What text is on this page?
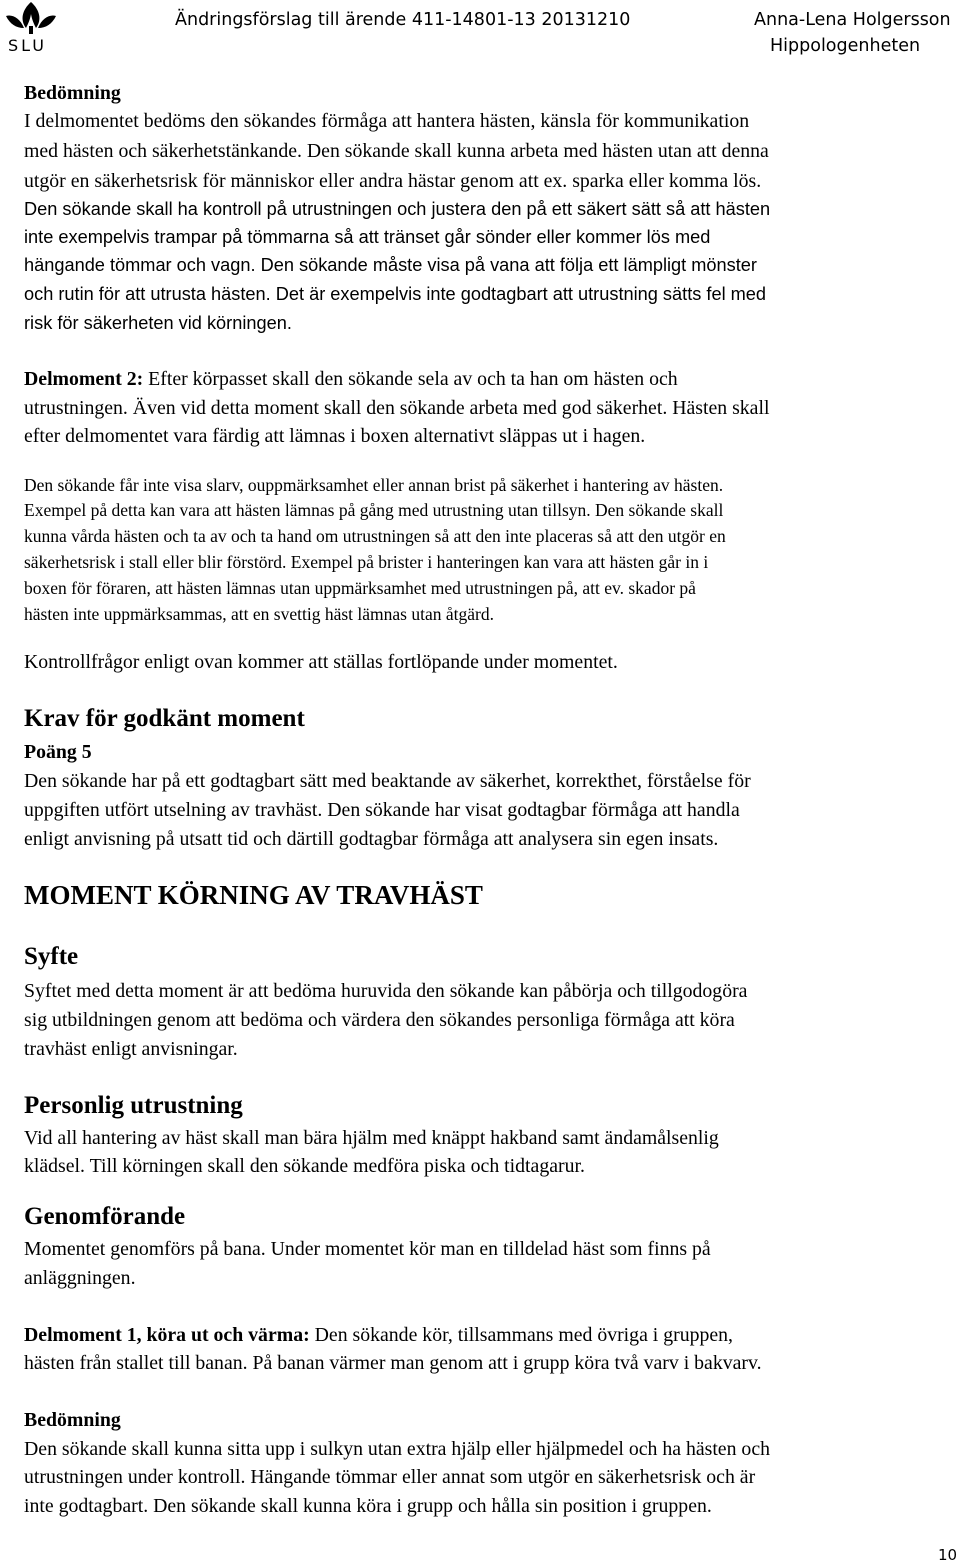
SLU
Ändringsförslag till ärende 411-14801-13 20131210	Anna-Lena Holgersson
Hippologenheten
Bedömning
I delmomentet bedöms den sökandes förmåga att hantera hästen, känsla för kommunikation
med hästen och säkerhetstänkande. Den sökande skall kunna arbeta med hästen utan att denna
utgör en säkerhetsrisk för människor eller andra hästar genom att ex. sparka eller komma lös.
Den sökande skall ha kontroll på utrustningen och justera den på ett säkert sätt så att hästen
inte exempelvis trampar på tömmarna så att tränset går sönder eller kommer lös med
hängande tömmar och vagn. Den sökande måste visa på vana att följa ett lämpligt mönster
och rutin för att utrusta hästen. Det är exempelvis inte godtagbart att utrustning sätts fel med
risk för säkerheten vid körningen.
Delmoment 2: Efter körpasset skall den sökande sela av och ta han om hästen och
utrustningen. Även vid detta moment skall den sökande arbeta med god säkerhet. Hästen skall
efter delmomentet vara färdig att lämnas i boxen alternativt släppas ut i hagen.
Den sökande får inte visa slarv, ouppmärksamhet eller annan brist på säkerhet i hantering av hästen.
Exempel på detta kan vara att hästen lämnas på gång med utrustning utan tillsyn. Den sökande skall
kunna vårda hästen och ta av och ta hand om utrustningen så att den inte placeras så att den utgör en
säkerhetsrisk i stall eller blir förstörd. Exempel på brister i hanteringen kan vara att hästen går in i
boxen för föraren, att hästen lämnas utan uppmärksamhet med utrustningen på, att ev. skador på
hästen inte uppmärksammas, att en svettig häst lämnas utan åtgärd.
Kontrollfrågor enligt ovan kommer att ställas fortlöpande under momentet.
Krav för godkänt moment
Poäng 5
Den sökande har på ett godtagbart sätt med beaktande av säkerhet, korrekthet, förståelse för
uppgiften utfört utselning av travhäst. Den sökande har visat godtagbar förmåga att handla
enligt anvisning på utsatt tid och därtill godtagbar förmåga att analysera sin egen insats.
MOMENT KÖRNING AV TRAVHÄST
Syfte
Syftet med detta moment är att bedöma huruvida den sökande kan påbörja och tillgodogöra
sig utbildningen genom att bedöma och värdera den sökandes personliga förmåga att köra
travhäst enligt anvisningar.
Personlig utrustning
Vid all hantering av häst skall man bära hjälm med knäppt hakband samt ändamålsenlig
klädsel. Till körningen skall den sökande medföra piska och tidtagarur.
Genomförande
Momentet genomförs på bana. Under momentet kör man en tilldelad häst som finns på
anläggningen.
Delmoment 1, köra ut och värma: Den sökande kör, tillsammans med övriga i gruppen,
hästen från stallet till banan. På banan värmer man genom att i grupp köra två varv i bakvarv.
Bedömning
Den sökande skall kunna sitta upp i sulkyn utan extra hjälp eller hjälpmedel och ha hästen och
utrustningen under kontroll. Hängande tömmar eller annat som utgör en säkerhetsrisk och är
inte godtagbart. Den sökande skall kunna köra i grupp och hålla sin position i gruppen.
10
